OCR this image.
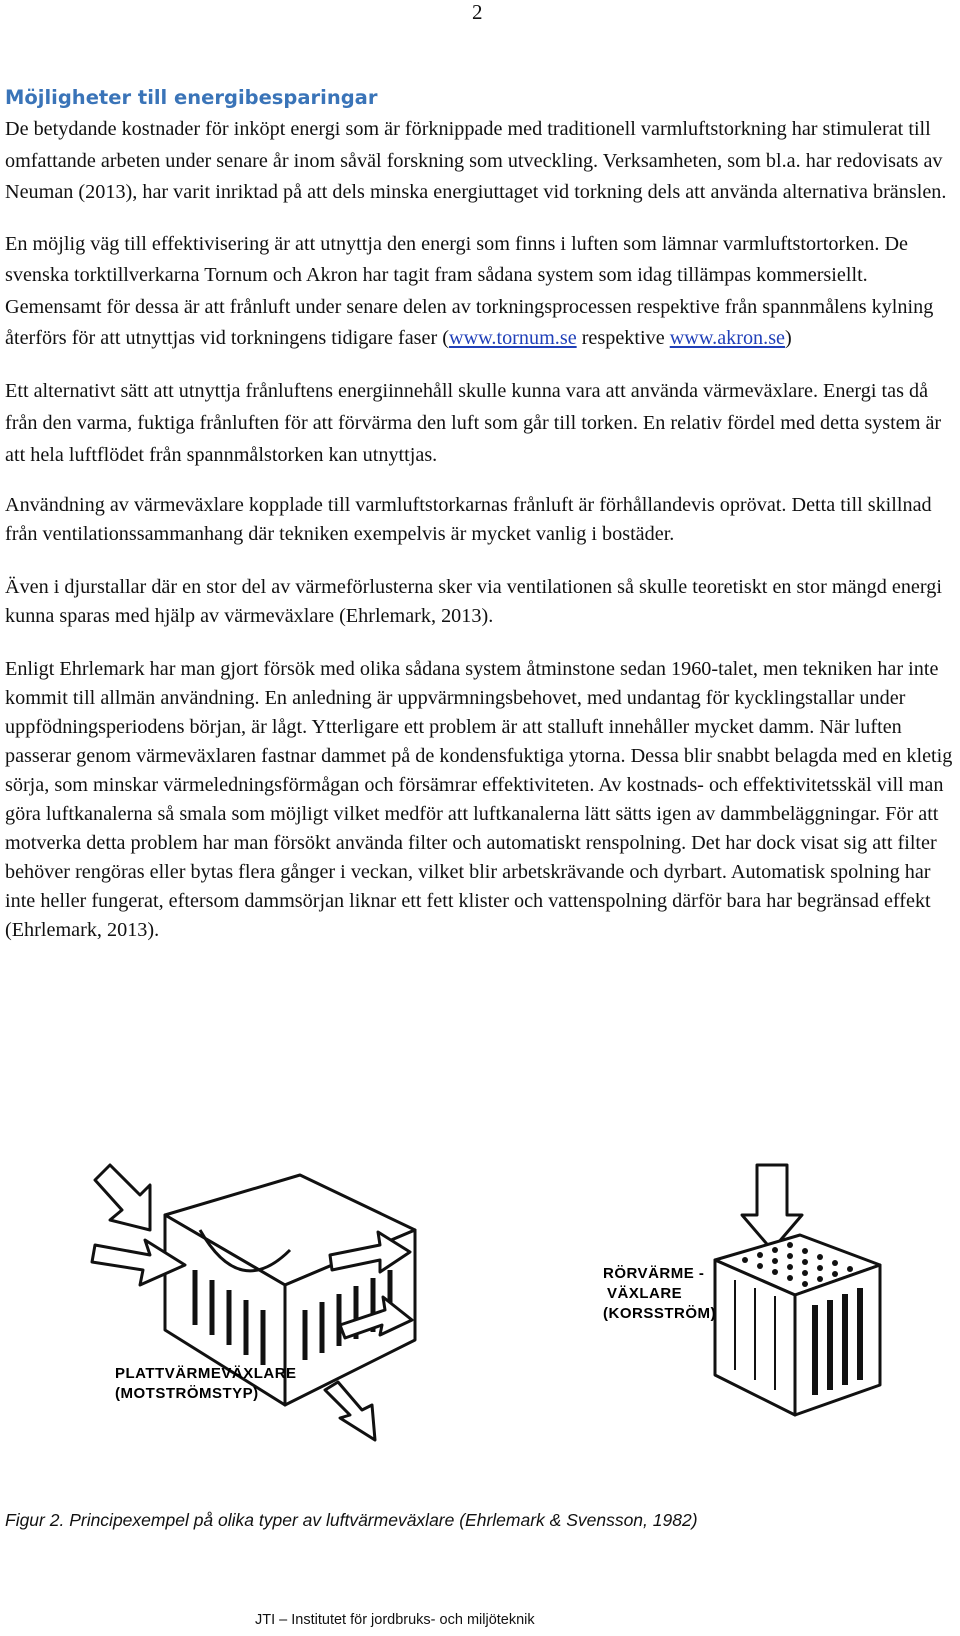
2
Möjligheter till energibesparingar

De betydande kostnader för inköpt energi som är förknippade med traditionell varmluftstorkning har stimulerat till omfattande arbeten under senare år inom såväl forskning som utveckling. Verksamheten, som bl.a. har redovisats av Neuman (2013), har varit inriktad på att dels minska energiuttaget vid torkning dels att använda alternativa bränslen.

En möjlig väg till effektivisering är att utnyttja den energi som finns i luften som lämnar varmluftstortorken. De svenska torktillverkarna Tornum och Akron har tagit fram sådana system som idag tillämpas kommersiellt. Gemensamt för dessa är att frånluft under senare delen av torkningsprocessen respektive från spannmålens kylning återförs för att utnyttjas vid torkningens tidigare faser (www.tornum.se respektive www.akron.se)

Ett alternativt sätt att utnyttja frånluftens energiinnehåll skulle kunna vara att använda värmeväxlare. Energi tas då från den varma, fuktiga frånluften för att förvärma den luft som går till torken. En relativ fördel med detta system är att hela luftflödet från spannmålstorken kan utnyttjas.

Användning av värmeväxlare kopplade till varmluftstorkarnas frånluft är förhållandevis oprövat. Detta till skillnad från ventilationssammanhang där tekniken exempelvis är mycket vanlig i bostäder.

Även i djurstallar där en stor del av värmeförlusterna sker via ventilationen så skulle teoretiskt en stor mängd energi kunna sparas med hjälp av värmeväxlare (Ehrlemark, 2013).

Enligt Ehrlemark har man gjort försök med olika sådana system åtminstone sedan 1960-talet, men tekniken har inte kommit till allmän användning. En anledning är uppvärmningsbehovet, med undantag för kycklingstallar under uppfödningsperiodens början, är lågt. Ytterligare ett problem är att stalluft innehåller mycket damm. När luften passerar genom värmeväxlaren fastnar dammet på de kondensfuktiga ytorna. Dessa blir snabbt belagda med en kletig sörja, som minskar värmeledningsförmågan och försämrar effektiviteten. Av kostnads- och effektivitetsskäl vill man göra luftkanalerna så smala som möjligt vilket medför att luftkanalerna lätt sätts igen av dammbeläggningar. För att motverka detta problem har man försökt använda filter och automatiskt renspolning. Det har dock visat sig att filter behöver rengöras eller bytas flera gånger i veckan, vilket blir arbetskrävande och dyrbart. Automatisk spolning har inte heller fungerat, eftersom dammsörjan liknar ett fett klister och vattenspolning därför bara har begränsad effekt (Ehrlemark, 2013).

PLATTVÄRMEVÄXLARE
(MOTSTRÖMSTYP)
RÖRVÄRME -
VÄXLARE
(KORSSTRÖM)
Figur 2. Principexempel på olika typer av luftvärmeväxlare (Ehrlemark & Svensson, 1982)
JTI – Institutet för jordbruks- och miljöteknik
